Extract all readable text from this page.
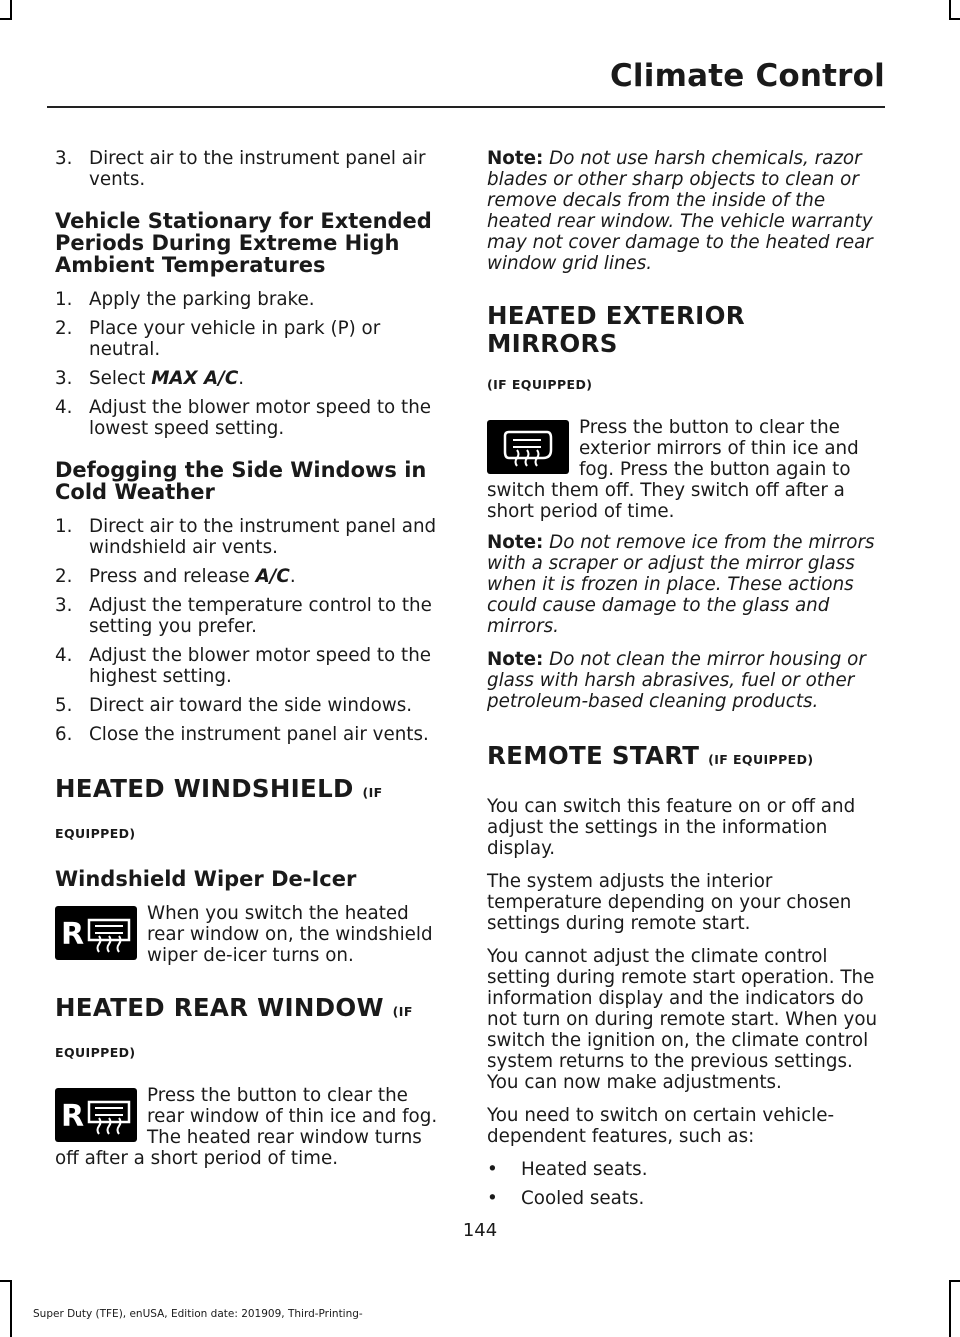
Climate Control
3. Direct air to the instrument panel air vents.
Vehicle Stationary for Extended Periods During Extreme High Ambient Temperatures
1. Apply the parking brake.
2. Place your vehicle in park (P) or neutral.
3. Select MAX A/C.
4. Adjust the blower motor speed to the lowest speed setting.
Defogging the Side Windows in Cold Weather
1. Direct air to the instrument panel and windshield air vents.
2. Press and release A/C.
3. Adjust the temperature control to the setting you prefer.
4. Adjust the blower motor speed to the highest setting.
5. Direct air toward the side windows.
6. Close the instrument panel air vents.
HEATED WINDSHIELD (IF
EQUIPPED)
Windshield Wiper De-Icer
R
When you switch the heated rear window on, the windshield wiper de-icer turns on.
HEATED REAR WINDOW (IF
EQUIPPED)
R
Press the button to clear the rear window of thin ice and fog. The heated rear window turns off after a short period of time.

Note: Do not use harsh chemicals, razor blades or other sharp objects to clean or remove decals from the inside of the heated rear window. The vehicle warranty may not cover damage to the heated rear window grid lines.

HEATED EXTERIOR MIRRORS
(IF EQUIPPED)
Press the button to clear the exterior mirrors of thin ice and fog. Press the button again to switch them off. They switch off after a short period of time.

Note: Do not remove ice from the mirrors with a scraper or adjust the mirror glass when it is frozen in place. These actions could cause damage to the glass and mirrors.

Note: Do not clean the mirror housing or glass with harsh abrasives, fuel or other petroleum-based cleaning products.

REMOTE START (IF EQUIPPED)

You can switch this feature on or off and adjust the settings in the information display.

The system adjusts the interior temperature depending on your chosen settings during remote start.

You cannot adjust the climate control setting during remote start operation. The information display and the indicators do not turn on during remote start. When you switch the ignition on, the climate control system returns to the previous settings. You can now make adjustments.

You need to switch on certain vehicle-dependent features, such as:

• Heated seats.
• Cooled seats.
144
Super Duty (TFE), enUSA, Edition date: 201909, Third-Printing-
